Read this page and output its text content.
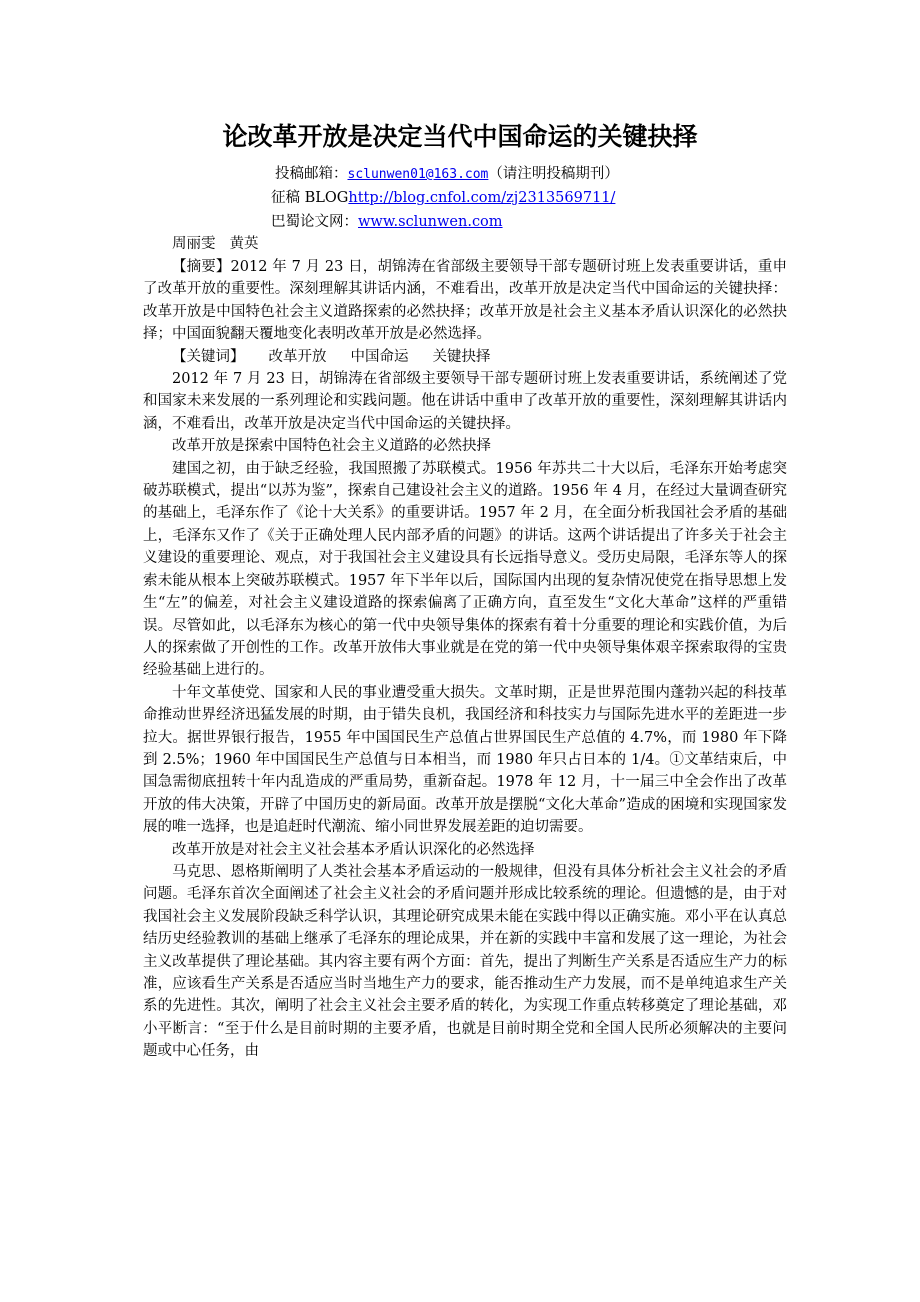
论改革开放是决定当代中国命运的关键抉择
投稿邮箱：sclunwen01@163.com（请注明投稿期刊）
征稿 BLOGhttp://blog.cnfol.com/zj2313569711/
巴蜀论文网：www.sclunwen.com
周丽雯 黄英

【摘要】2012 年 7 月 23 日，胡锦涛在省部级主要领导干部专题研讨班上发表重要讲话，重申了改革开放的重要性。深刻理解其讲话内涵，不难看出，改革开放是决定当代中国命运的关键抉择：改革开放是中国特色社会主义道路探索的必然抉择；改革开放是社会主义基本矛盾认识深化的必然抉择；中国面貌翻天覆地变化表明改革开放是必然选择。

【关键词】 改革开放 中国命运 关键抉择

2012 年 7 月 23 日，胡锦涛在省部级主要领导干部专题研讨班上发表重要讲话，系统阐述了党和国家未来发展的一系列理论和实践问题。他在讲话中重申了改革开放的重要性，深刻理解其讲话内涵，不难看出，改革开放是决定当代中国命运的关键抉择。

改革开放是探索中国特色社会主义道路的必然抉择

建国之初，由于缺乏经验，我国照搬了苏联模式。1956 年苏共二十大以后，毛泽东开始考虑突破苏联模式，提出“以苏为鉴”，探索自己建设社会主义的道路。1956 年 4 月，在经过大量调查研究的基础上，毛泽东作了《论十大关系》的重要讲话。1957 年 2 月，在全面分析我国社会矛盾的基础上，毛泽东又作了《关于正确处理人民内部矛盾的问题》的讲话。这两个讲话提出了许多关于社会主义建设的重要理论、观点，对于我国社会主义建设具有长远指导意义。受历史局限，毛泽东等人的探索未能从根本上突破苏联模式。1957 年下半年以后，国际国内出现的复杂情况使党在指导思想上发生“左”的偏差，对社会主义建设道路的探索偏离了正确方向，直至发生“文化大革命”这样的严重错误。尽管如此，以毛泽东为核心的第一代中央领导集体的探索有着十分重要的理论和实践价值，为后人的探索做了开创性的工作。改革开放伟大事业就是在党的第一代中央领导集体艰辛探索取得的宝贵经验基础上进行的。

十年文革使党、国家和人民的事业遭受重大损失。文革时期，正是世界范围内蓬勃兴起的科技革命推动世界经济迅猛发展的时期，由于错失良机，我国经济和科技实力与国际先进水平的差距进一步拉大。据世界银行报告，1955 年中国国民生产总值占世界国民生产总值的 4.7%，而 1980 年下降到 2.5%；1960 年中国国民生产总值与日本相当，而 1980 年只占日本的 1/4。①文革结束后，中国急需彻底扭转十年内乱造成的严重局势，重新奋起。1978 年 12 月，十一届三中全会作出了改革开放的伟大决策，开辟了中国历史的新局面。改革开放是摆脱“文化大革命”造成的困境和实现国家发展的唯一选择，也是追赶时代潮流、缩小同世界发展差距的迫切需要。

改革开放是对社会主义社会基本矛盾认识深化的必然选择

马克思、恩格斯阐明了人类社会基本矛盾运动的一般规律，但没有具体分析社会主义社会的矛盾问题。毛泽东首次全面阐述了社会主义社会的矛盾问题并形成比较系统的理论。但遗憾的是，由于对我国社会主义发展阶段缺乏科学认识，其理论研究成果未能在实践中得以正确实施。邓小平在认真总结历史经验教训的基础上继承了毛泽东的理论成果，并在新的实践中丰富和发展了这一理论，为社会主义改革提供了理论基础。其内容主要有两个方面：首先，提出了判断生产关系是否适应生产力的标准，应该看生产关系是否适应当时当地生产力的要求，能否推动生产力发展，而不是单纯追求生产关系的先进性。其次，阐明了社会主义社会主要矛盾的转化，为实现工作重点转移奠定了理论基础，邓小平断言：“至于什么是目前时期的主要矛盾，也就是目前时期全党和全国人民所必须解决的主要问题或中心任务，由
